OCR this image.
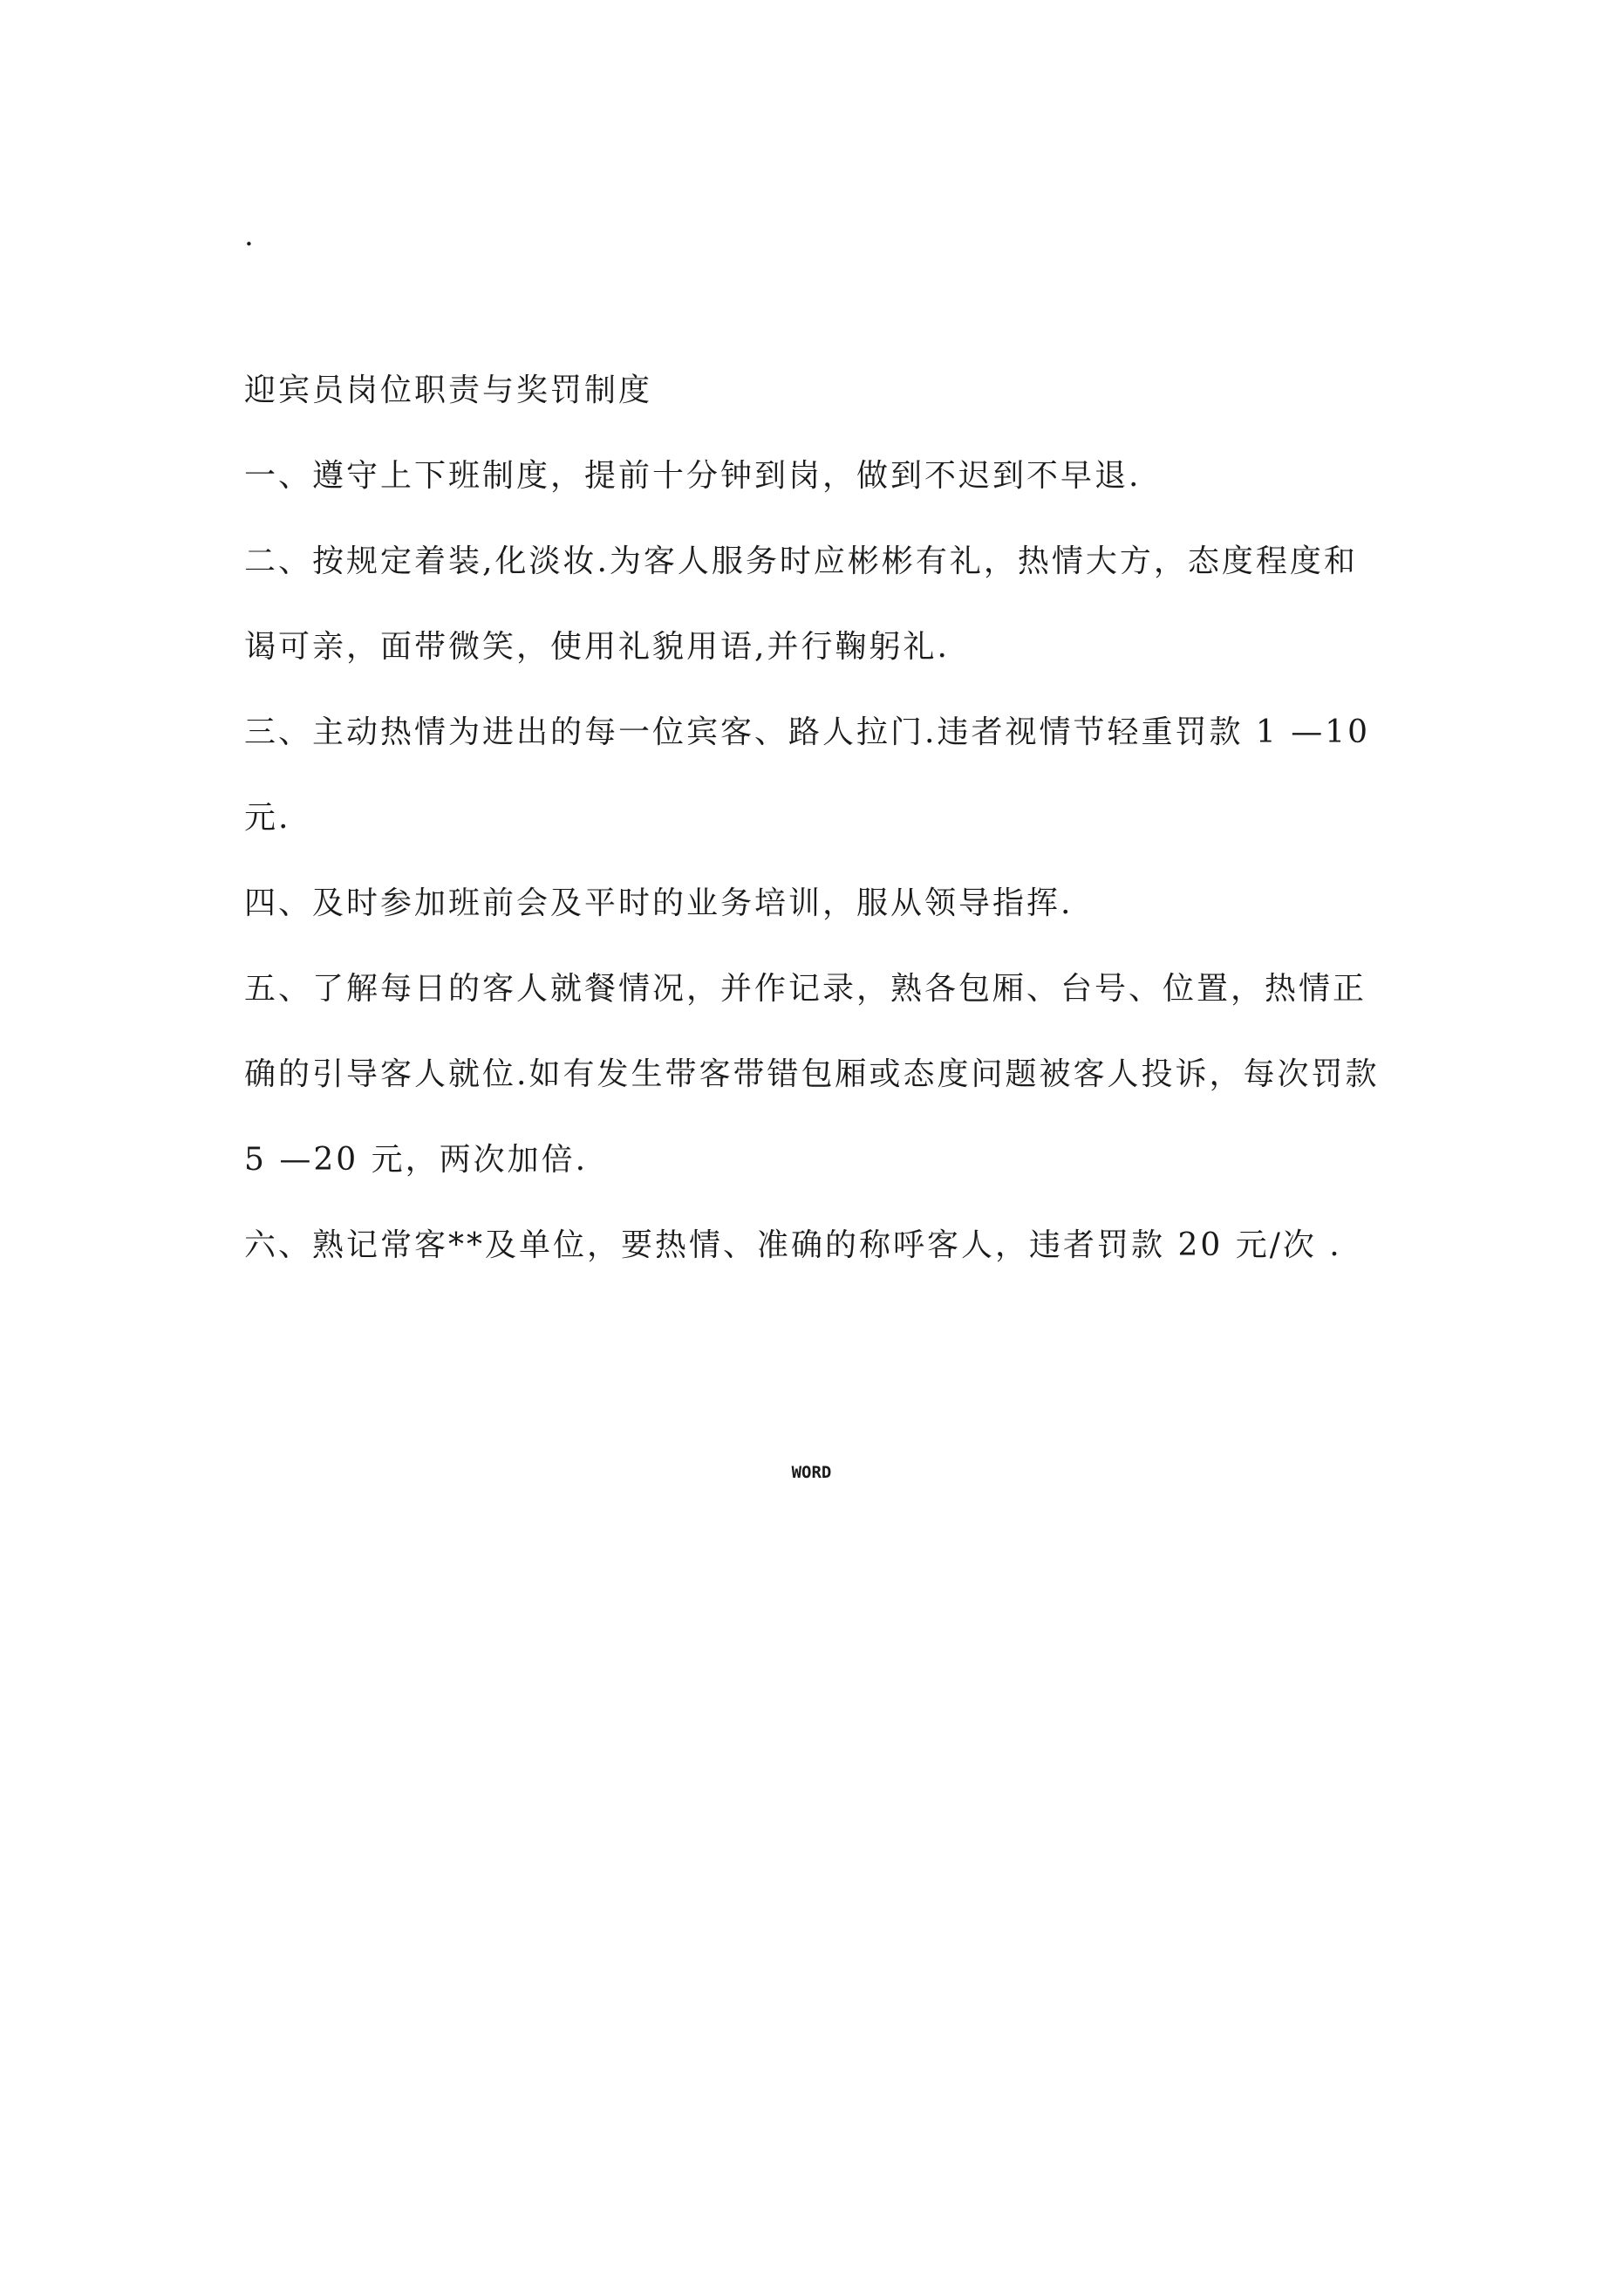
.
迎宾员岗位职责与奖罚制度
一、遵守上下班制度，提前十分钟到岗，做到不迟到不早退.
二、按规定着装,化淡妆.为客人服务时应彬彬有礼，热情大方，态度程度和
谒可亲，面带微笑，使用礼貌用语,并行鞠躬礼.
三、主动热情为进出的每一位宾客、路人拉门.违者视情节轻重罚款 1 —10
元.
四、及时参加班前会及平时的业务培训，服从领导指挥.
五、了解每日的客人就餐情况，并作记录，熟各包厢、台号、位置，热情正
确的引导客人就位.如有发生带客带错包厢或态度问题被客人投诉，每次罚款
5 —20 元，两次加倍.
六、熟记常客**及单位，要热情、准确的称呼客人，违者罚款 20 元/次 .
WORD
